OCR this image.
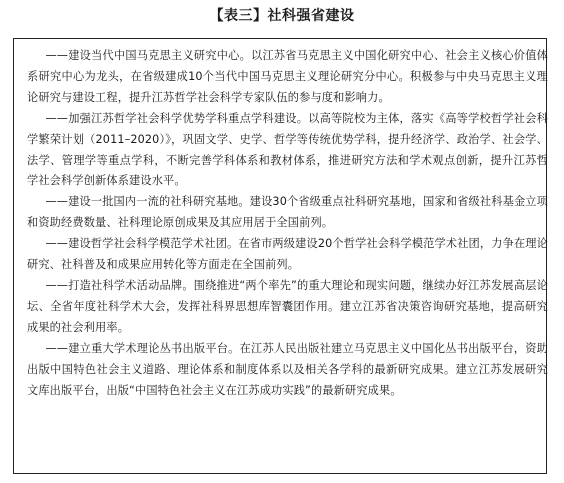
【表三】社科强省建设

——建设当代中国马克思主义研究中心。以江苏省马克思主义中国化研究中心、社会主义核心价值体系研究中心为龙头，在省级建成10个当代中国马克思主义理论研究分中心。积极参与中央马克思主义理论研究与建设工程，提升江苏哲学社会科学专家队伍的参与度和影响力。

——加强江苏哲学社会科学优势学科重点学科建设。以高等院校为主体，落实《高等学校哲学社会科学繁荣计划（2011–2020）》，巩固文学、史学、哲学等传统优势学科，提升经济学、政治学、社会学、法学、管理学等重点学科，不断完善学科体系和教材体系，推进研究方法和学术观点创新，提升江苏哲学社会科学创新体系建设水平。

——建设一批国内一流的社科研究基地。建设30个省级重点社科研究基地，国家和省级社科基金立项和资助经费数量、社科理论原创成果及其应用居于全国前列。

——建设哲学社会科学模范学术社团。在省市两级建设20个哲学社会科学模范学术社团，力争在理论研究、社科普及和成果应用转化等方面走在全国前列。

——打造社科学术活动品牌。围绕推进“两个率先”的重大理论和现实问题，继续办好江苏发展高层论坛、全省年度社科学术大会，发挥社科界思想库智囊团作用。建立江苏省决策咨询研究基地，提高研究成果的社会利用率。

——建立重大学术理论丛书出版平台。在江苏人民出版社建立马克思主义中国化丛书出版平台，资助出版中国特色社会主义道路、理论体系和制度体系以及相关各学科的最新研究成果。建立江苏发展研究文库出版平台，出版“中国特色社会主义在江苏成功实践”的最新研究成果。
